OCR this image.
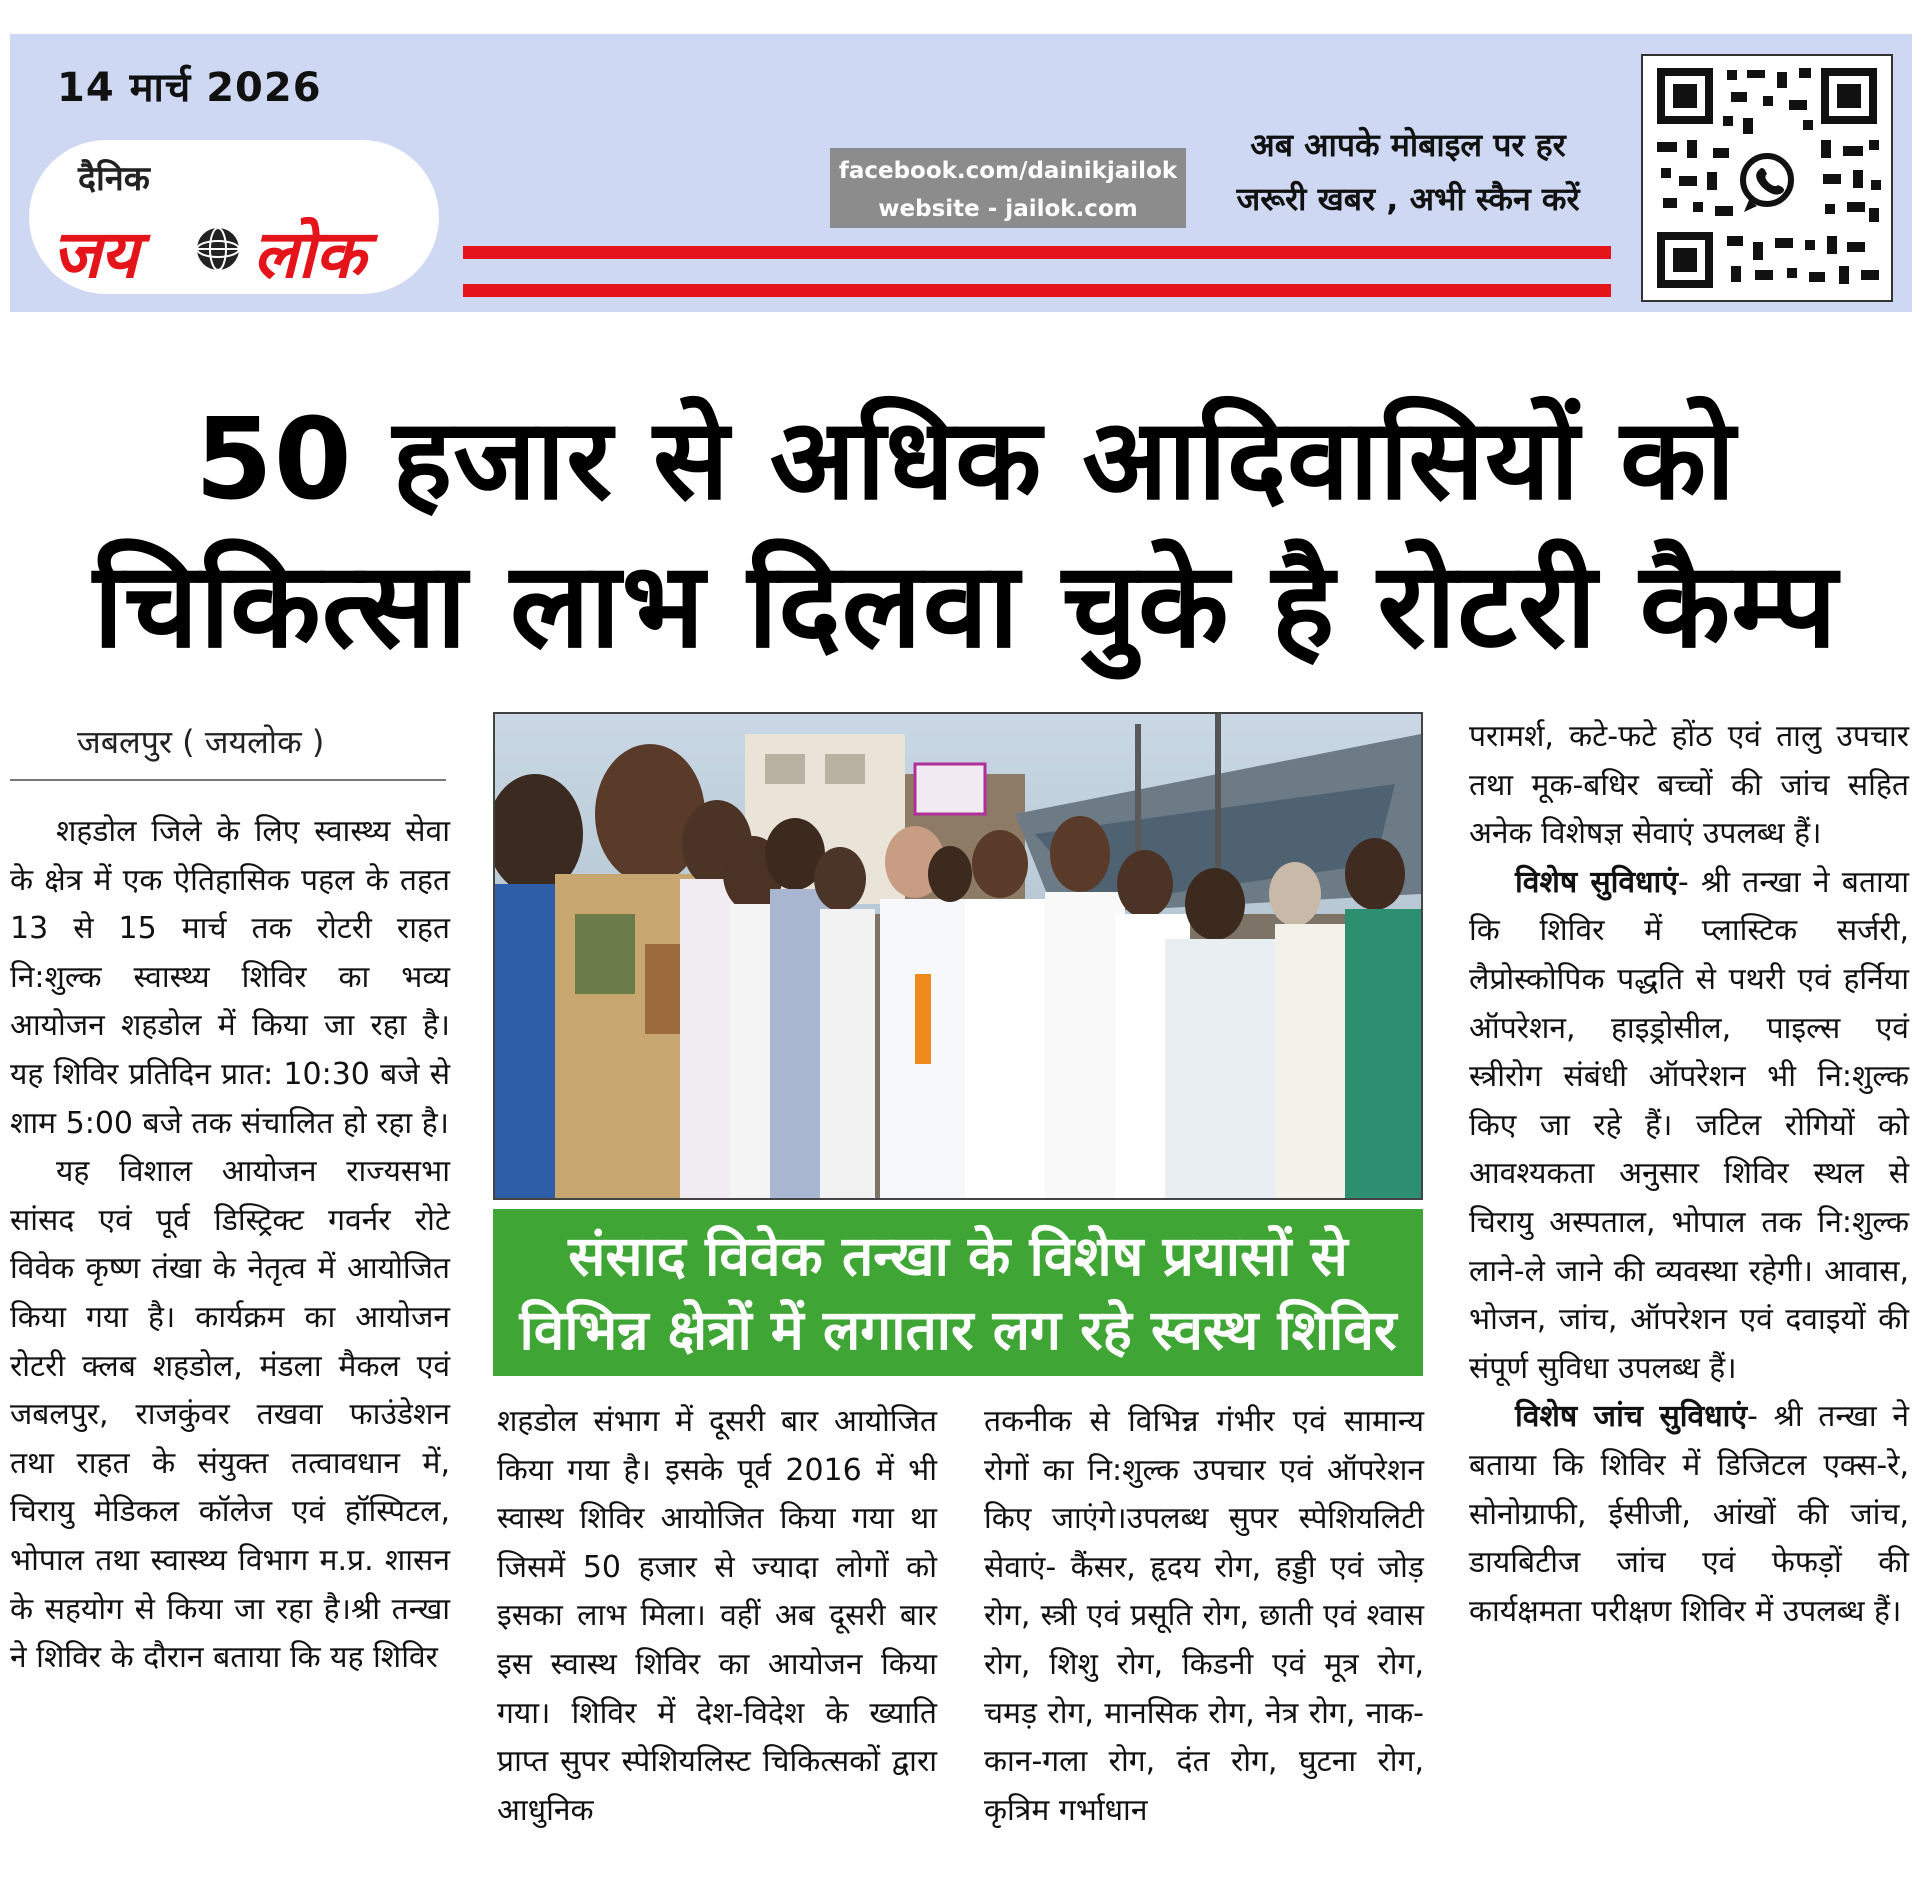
14 मार्च 2026
दैनिक
जय लोक
facebook.com/dainikjailok
website - jailok.com
अब आपके मोबाइल पर हर
जरूरी खबर , अभी स्कैन करें
50 हजार से अधिक आदिवासियों को
चिकित्सा लाभ दिलवा चुके है रोटरी कैम्प
जबलपुर ( जयलोक )

शहडोल जिले के लिए स्वास्थ्य सेवा के क्षेत्र में एक ऐतिहासिक पहल के तहत 13 से 15 मार्च तक रोटरी राहत नि:शुल्क स्वास्थ्य शिविर का भव्य आयोजन शहडोल में किया जा रहा है। यह शिविर प्रतिदिन प्रात: 10:30 बजे से शाम 5:00 बजे तक संचालित हो रहा है।

यह विशाल आयोजन राज्यसभा सांसद एवं पूर्व डिस्ट्रिक्ट गवर्नर रोटे विवेक कृष्ण तंखा के नेतृत्व में आयोजित किया गया है। कार्यक्रम का आयोजन रोटरी क्लब शहडोल, मंडला मैकल एवं जबलपुर, राजकुंवर तखवा फाउंडेशन तथा राहत के संयुक्त तत्वावधान में, चिरायु मेडिकल कॉलेज एवं हॉस्पिटल, भोपाल तथा स्वास्थ्य विभाग म.प्र. शासन के सहयोग से किया जा रहा है।श्री तन्खा ने शिविर के दौरान बताया कि यह शिविर

संसाद विवेक तन्खा के विशेष प्रयासों से
विभिन्न क्षेत्रों में लगातार लग रहे स्वस्थ शिविर

शहडोल संभाग में दूसरी बार आयोजित किया गया है। इसके पूर्व 2016 में भी स्वास्थ शिविर आयोजित किया गया था जिसमें 50 हजार से ज्यादा लोगों को इसका लाभ मिला। वहीं अब दूसरी बार इस स्वास्थ शिविर का आयोजन किया गया। शिविर में देश-विदेश के ख्याति प्राप्त सुपर स्पेशियलिस्ट चिकित्सकों द्वारा आधुनिक

तकनीक से विभिन्न गंभीर एवं सामान्य रोगों का नि:शुल्क उपचार एवं ऑपरेशन किए जाएंगे।उपलब्ध सुपर स्पेशियलिटी सेवाएं- कैंसर, हृदय रोग, हड्डी एवं जोड़ रोग, स्त्री एवं प्रसूति रोग, छाती एवं श्वास रोग, शिशु रोग, किडनी एवं मूत्र रोग, चमड़ रोग, मानसिक रोग, नेत्र रोग, नाक-कान-गला रोग, दंत रोग, घुटना रोग, कृत्रिम गर्भाधान

परामर्श, कटे-फटे होंठ एवं तालु उपचार तथा मूक-बधिर बच्चों की जांच सहित अनेक विशेषज्ञ सेवाएं उपलब्ध हैं।

विशेष सुविधाएं- श्री तन्खा ने बताया कि शिविर में प्लास्टिक सर्जरी, लैप्रोस्कोपिक पद्धति से पथरी एवं हर्निया ऑपरेशन, हाइड्रोसील, पाइल्स एवं स्त्रीरोग संबंधी ऑपरेशन भी नि:शुल्क किए जा रहे हैं। जटिल रोगियों को आवश्यकता अनुसार शिविर स्थल से चिरायु अस्पताल, भोपाल तक नि:शुल्क लाने-ले जाने की व्यवस्था रहेगी। आवास, भोजन, जांच, ऑपरेशन एवं दवाइयों की संपूर्ण सुविधा उपलब्ध हैं।

विशेष जांच सुविधाएं- श्री तन्खा ने बताया कि शिविर में डिजिटल एक्स-रे, सोनोग्राफी, ईसीजी, आंखों की जांच, डायबिटीज जांच एवं फेफड़ों की कार्यक्षमता परीक्षण शिविर में उपलब्ध हैं।
